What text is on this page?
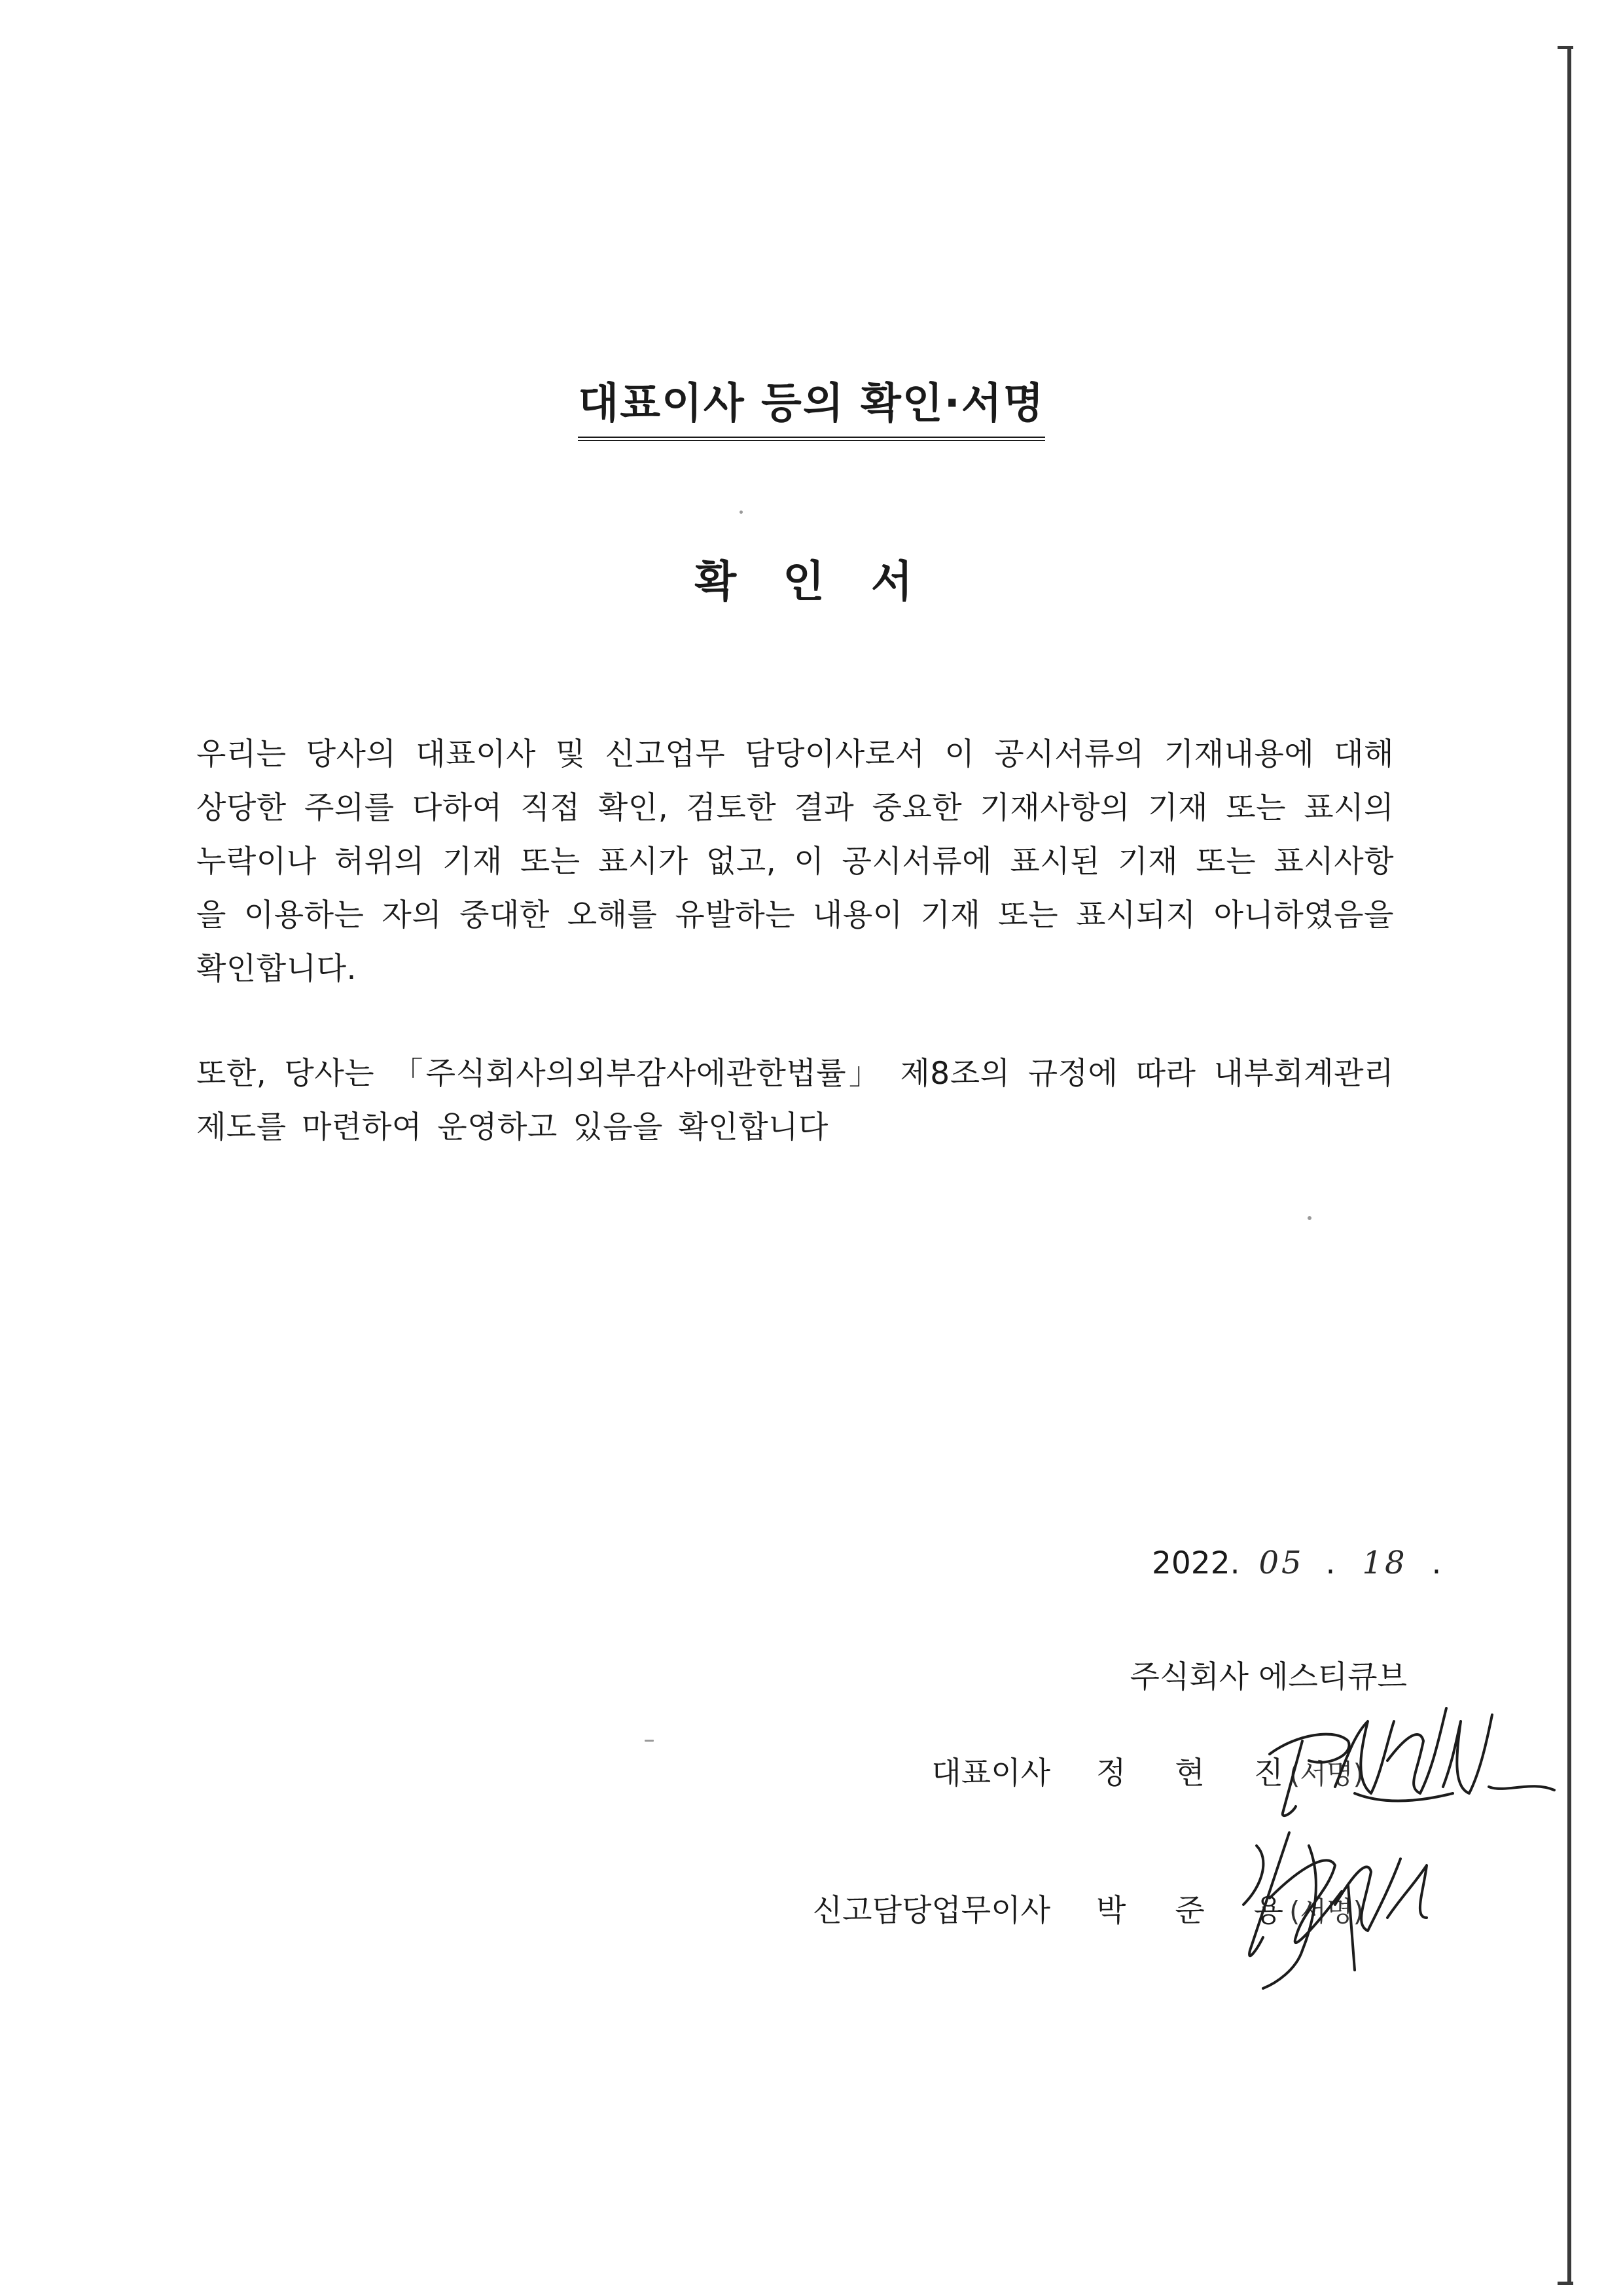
대표이사 등의 확인·서명
확 인 서
우리는 당사의 대표이사 및 신고업무 담당이사로서 이 공시서류의 기재내용에 대해 상당한 주의를 다하여 직접 확인, 검토한 결과 중요한 기재사항의 기재 또는 표시의 누락이나 허위의 기재 또는 표시가 없고, 이 공시서류에 표시된 기재 또는 표시사항을 이용하는 자의 중대한 오해를 유발하는 내용이 기재 또는 표시되지 아니하였음을 확인합니다.
또한, 당사는 「주식회사의외부감사에관한법률」 제8조의 규정에 따라 내부회계관리제도를 마련하여 운영하고 있음을 확인합니다
2022. 05 . 18 .
주식회사 에스티큐브
대표이사 정 현 진
(서명)
신고담당업무이사 박 준 용
(서명)
